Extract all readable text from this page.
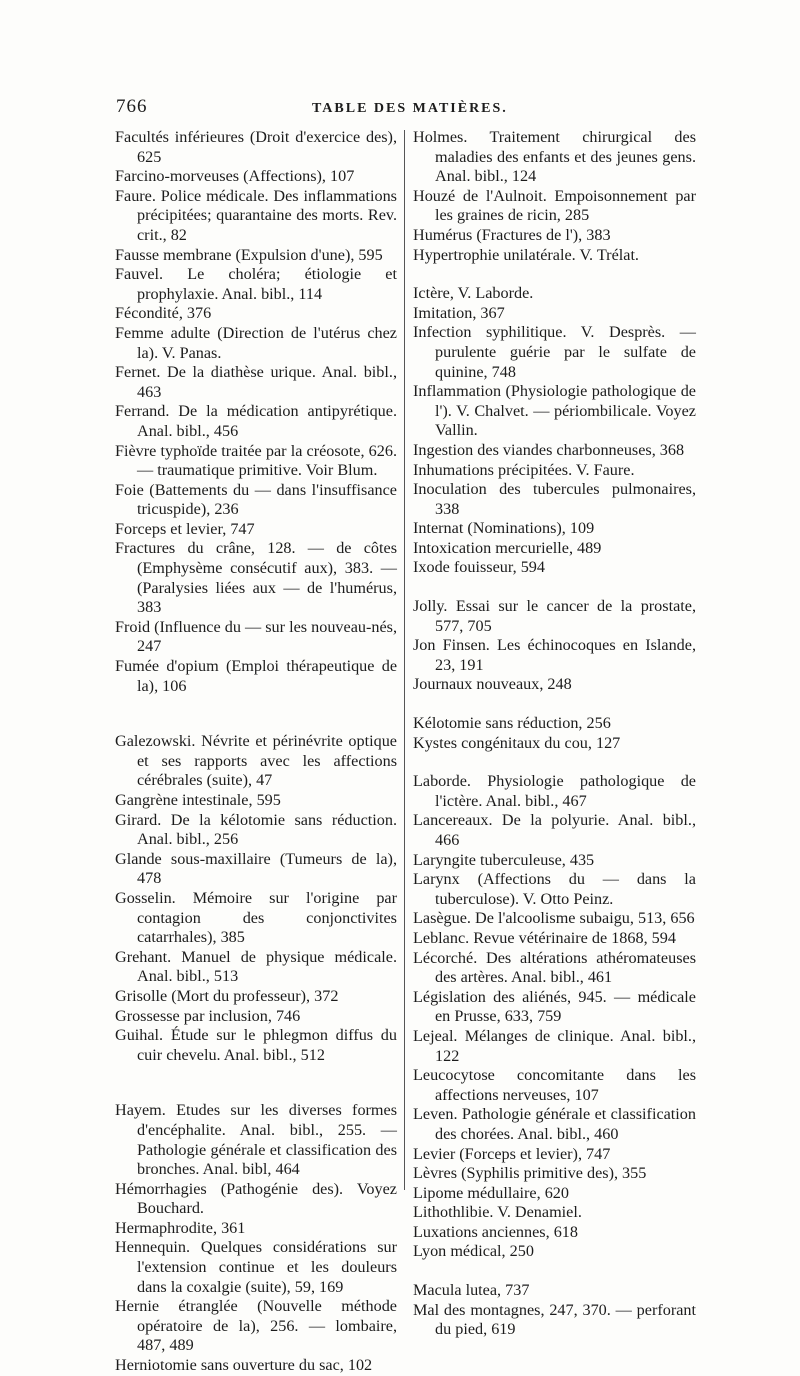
766	TABLE DES MATIÈRES.

Facultés inférieures (Droit d'exercice des), 625

Farcino-morveuses (Affections), 107

Faure. Police médicale. Des inflammations précipitées; quarantaine des morts. Rev. crit., 82

Fausse membrane (Expulsion d'une), 595

Fauvel. Le choléra; étiologie et prophylaxie. Anal. bibl., 114

Fécondité, 376

Femme adulte (Direction de l'utérus chez la). V. Panas.

Fernet. De la diathèse urique. Anal. bibl., 463

Ferrand. De la médication antipyrétique. Anal. bibl., 456

Fièvre typhoïde traitée par la créosote, 626. — traumatique primitive. Voir Blum.

Foie (Battements du — dans l'insuffisance tricuspide), 236

Forceps et levier, 747

Fractures du crâne, 128. — de côtes (Emphysème consécutif aux), 383. — (Paralysies liées aux — de l'humérus, 383

Froid (Influence du — sur les nouveau-nés, 247

Fumée d'opium (Emploi thérapeutique de la), 106

Galezowski. Névrite et périnévrite optique et ses rapports avec les affections cérébrales (suite), 47

Gangrène intestinale, 595

Girard. De la kélotomie sans réduction. Anal. bibl., 256

Glande sous-maxillaire (Tumeurs de la), 478

Gosselin. Mémoire sur l'origine par contagion des conjonctivites catarrhales), 385

Grehant. Manuel de physique médicale. Anal. bibl., 513

Grisolle (Mort du professeur), 372

Grossesse par inclusion, 746

Guihal. Étude sur le phlegmon diffus du cuir chevelu. Anal. bibl., 512

Hayem. Etudes sur les diverses formes d'encéphalite. Anal. bibl., 255. — Pathologie générale et classification des bronches. Anal. bibl, 464

Hémorrhagies (Pathogénie des). Voyez Bouchard.

Hermaphrodite, 361

Hennequin. Quelques considérations sur l'extension continue et les douleurs dans la coxalgie (suite), 59, 169

Hernie étranglée (Nouvelle méthode opératoire de la), 256. — lombaire, 487, 489

Herniotomie sans ouverture du sac, 102

Holmes. Traitement chirurgical des maladies des enfants et des jeunes gens. Anal. bibl., 124

Houzé de l'Aulnoit. Empoisonnement par les graines de ricin, 285

Humérus (Fractures de l'), 383

Hypertrophie unilatérale. V. Trélat.

Ictère, V. Laborde.

Imitation, 367

Infection syphilitique. V. Desprès. — purulente guérie par le sulfate de quinine, 748

Inflammation (Physiologie pathologique de l'). V. Chalvet. — périombilicale. Voyez Vallin.

Ingestion des viandes charbonneuses, 368

Inhumations précipitées. V. Faure.

Inoculation des tubercules pulmonaires, 338

Internat (Nominations), 109

Intoxication mercurielle, 489

Ixode fouisseur, 594

Jolly. Essai sur le cancer de la prostate, 577, 705

Jon Finsen. Les échinocoques en Islande, 23, 191

Journaux nouveaux, 248

Kélotomie sans réduction, 256

Kystes congénitaux du cou, 127

Laborde. Physiologie pathologique de l'ictère. Anal. bibl., 467

Lancereaux. De la polyurie. Anal. bibl., 466

Laryngite tuberculeuse, 435

Larynx (Affections du — dans la tuberculose). V. Otto Peinz.

Lasègue. De l'alcoolisme subaigu, 513, 656

Leblanc. Revue vétérinaire de 1868, 594

Lécorché. Des altérations athéromateuses des artères. Anal. bibl., 461

Législation des aliénés, 945. — médicale en Prusse, 633, 759

Lejeal. Mélanges de clinique. Anal. bibl., 122

Leucocytose concomitante dans les affections nerveuses, 107

Leven. Pathologie générale et classification des chorées. Anal. bibl., 460

Levier (Forceps et levier), 747

Lèvres (Syphilis primitive des), 355

Lipome médullaire, 620

Lithothlibie. V. Denamiel.

Luxations anciennes, 618

Lyon médical, 250

Macula lutea, 737

Mal des montagnes, 247, 370. — perforant du pied, 619
